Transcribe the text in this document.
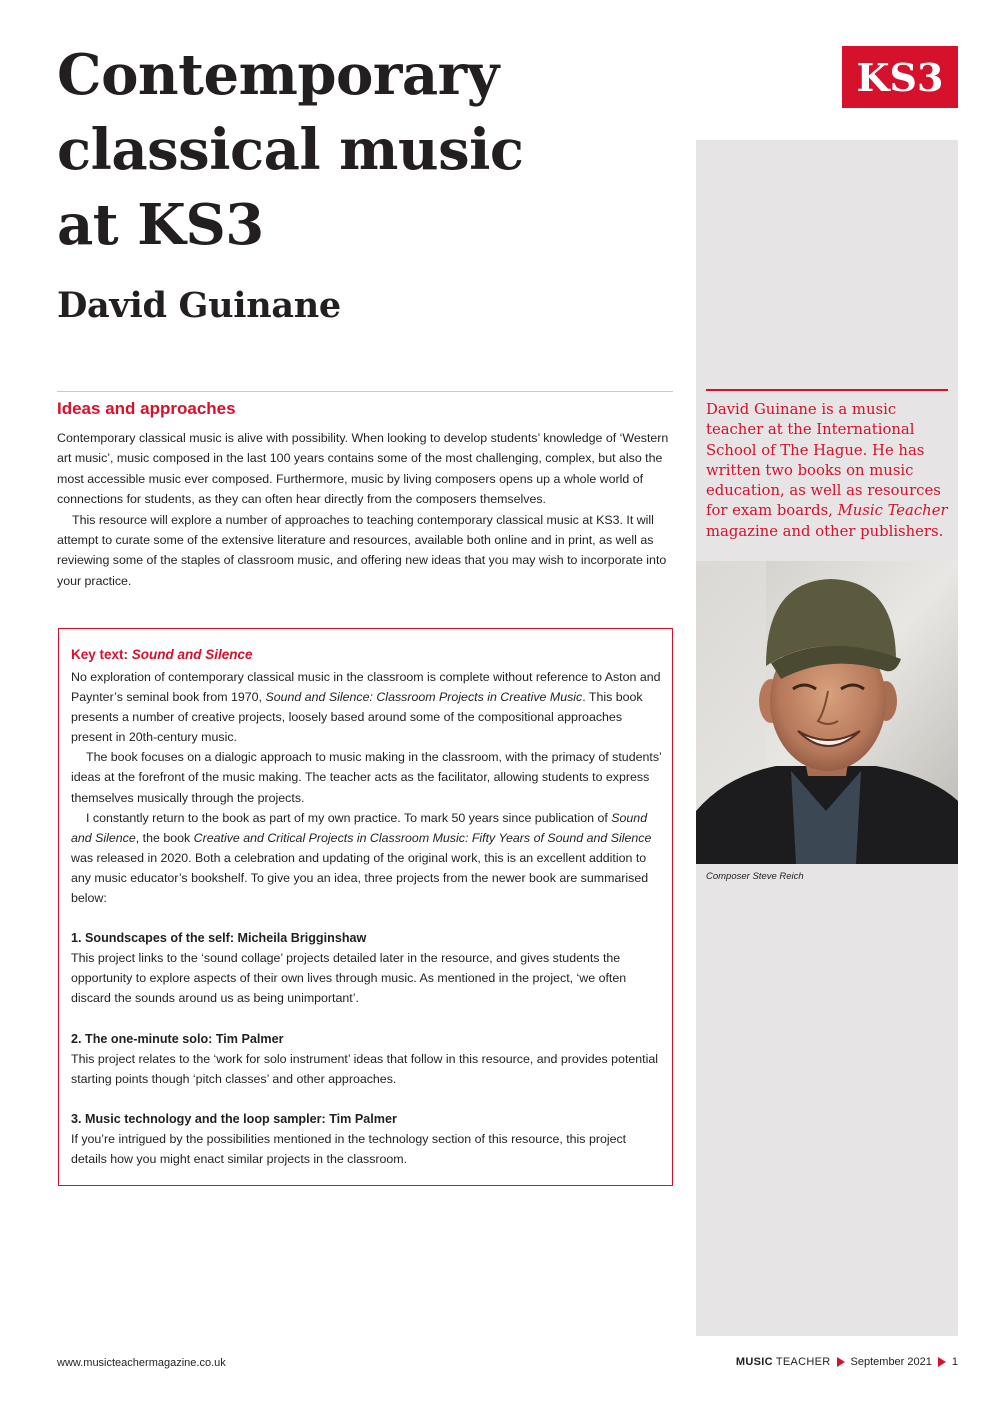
Contemporary
classical music
at KS3
David Guinane
KS3

David Guinane is a music teacher at the International School of The Hague. He has written two books on music education, as well as resources for exam boards, Music Teacher magazine and other publishers.

Composer Steve Reich
Ideas and approaches

Contemporary classical music is alive with possibility. When looking to develop students’ knowledge of ‘Western art music’, music composed in the last 100 years contains some of the most challenging, complex, but also the most accessible music ever composed. Furthermore, music by living composers opens up a whole world of connections for students, as they can often hear directly from the composers themselves.

This resource will explore a number of approaches to teaching contemporary classical music at KS3. It will attempt to curate some of the extensive literature and resources, available both online and in print, as well as reviewing some of the staples of classroom music, and offering new ideas that you may wish to incorporate into your practice.

Key text: Sound and Silence

No exploration of contemporary classical music in the classroom is complete without reference to Aston and Paynter’s seminal book from 1970, Sound and Silence: Classroom Projects in Creative Music. This book presents a number of creative projects, loosely based around some of the compositional approaches present in 20th-century music.

The book focuses on a dialogic approach to music making in the classroom, with the primacy of students’ ideas at the forefront of the music making. The teacher acts as the facilitator, allowing students to express themselves musically through the projects.

I constantly return to the book as part of my own practice. To mark 50 years since publication of Sound and Silence, the book Creative and Critical Projects in Classroom Music: Fifty Years of Sound and Silence was released in 2020. Both a celebration and updating of the original work, this is an excellent addition to any music educator’s bookshelf. To give you an idea, three projects from the newer book are summarised below:

1. Soundscapes of the self: Micheila Brigginshaw

This project links to the ‘sound collage’ projects detailed later in the resource, and gives students the opportunity to explore aspects of their own lives through music. As mentioned in the project, ‘we often discard the sounds around us as being unimportant’.

2. The one-minute solo: Tim Palmer

This project relates to the ‘work for solo instrument’ ideas that follow in this resource, and provides potential starting points though ‘pitch classes’ and other approaches.

3. Music technology and the loop sampler: Tim Palmer

If you’re intrigued by the possibilities mentioned in the technology section of this resource, this project details how you might enact similar projects in the classroom.

www.musicteachermagazine.co.uk	MUSIC TEACHER September 2021 1
